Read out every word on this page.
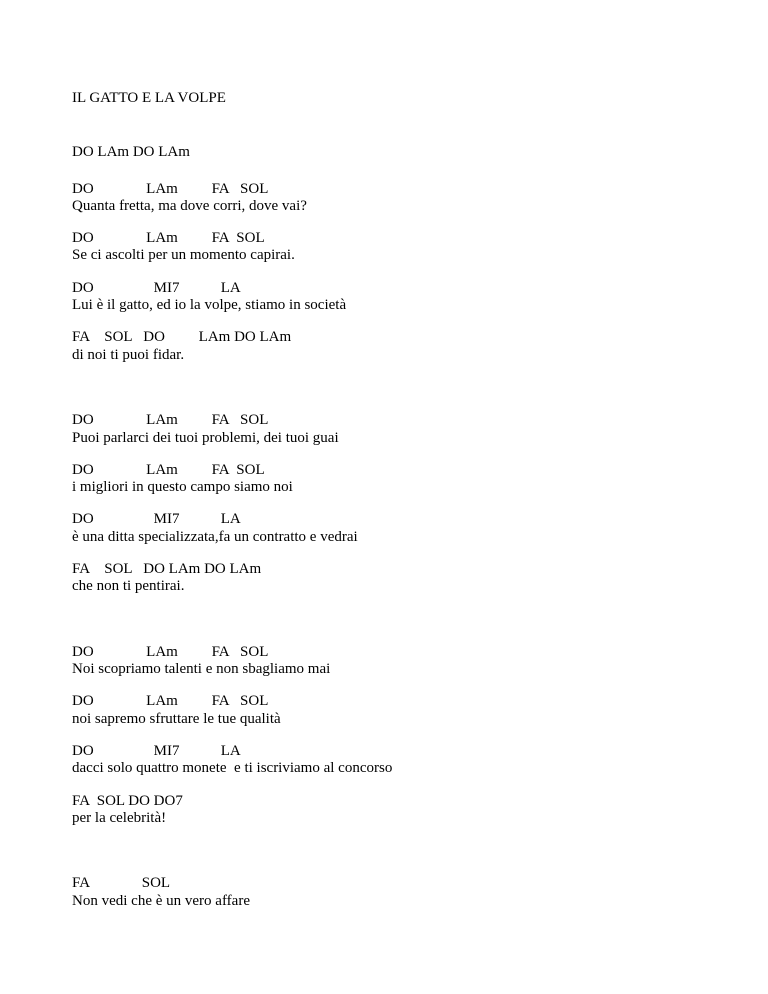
IL GATTO E LA VOLPE
DO LAm DO LAm
DO              LAm         FA   SOL
Quanta fretta, ma dove corri, dove vai?
DO              LAm         FA  SOL
Se ci ascolti per un momento capirai.
DO                MI7           LA
Lui è il gatto, ed io la volpe, stiamo in società
FA    SOL   DO         LAm DO LAm
di noi ti puoi fidar.
DO              LAm         FA   SOL
Puoi parlarci dei tuoi problemi, dei tuoi guai
DO              LAm         FA  SOL
i migliori in questo campo siamo noi
DO                MI7           LA
è una ditta specializzata,fa un contratto e vedrai
FA    SOL   DO LAm DO LAm
che non ti pentirai.
DO              LAm         FA   SOL
Noi scopriamo talenti e non sbagliamo mai
DO              LAm         FA   SOL
noi sapremo sfruttare le tue qualità
DO                MI7           LA
dacci solo quattro monete  e ti iscriviamo al concorso
FA  SOL DO DO7
per la celebrità!
FA              SOL
Non vedi che è un vero affare
